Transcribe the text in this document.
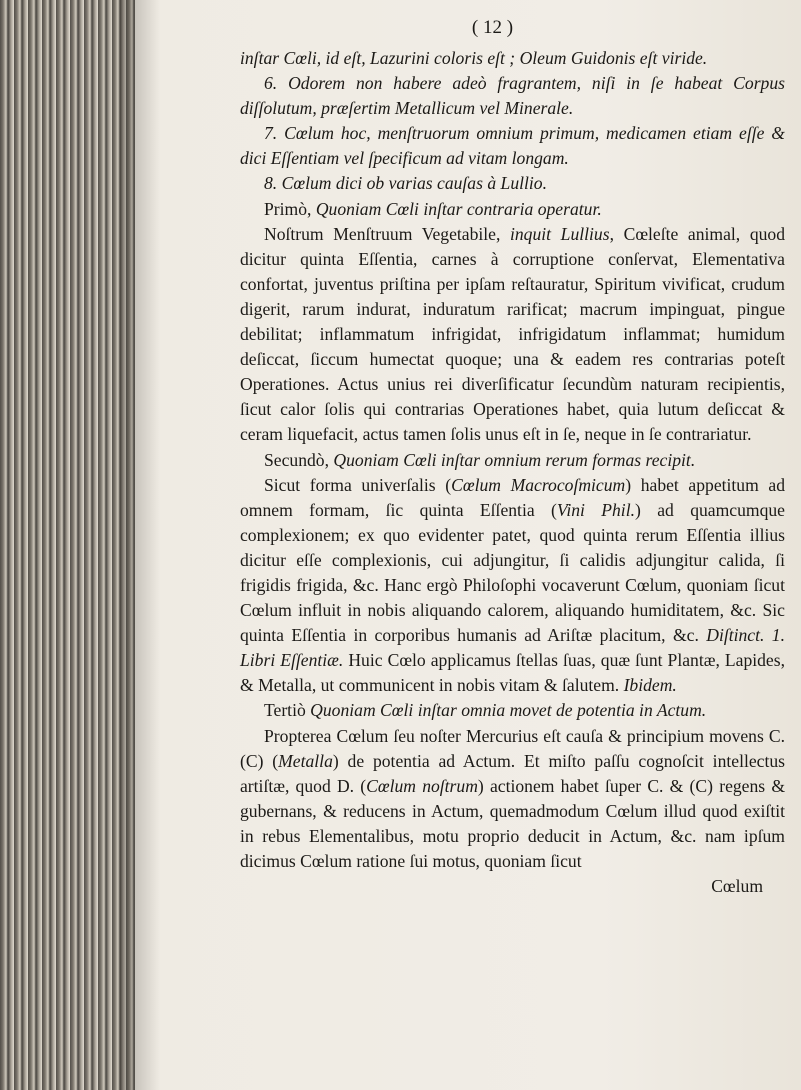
( 12 )

inſtar Cœli, id eſt, Lazurini coloris eſt ; Oleum Guidonis eſt viride.

6. Odorem non habere adeò fragrantem, niſi in ſe habeat Corpus diſſolutum, præſertim Metallicum vel Minerale.

7. Cœlum hoc, menſtruorum omnium primum, medicamen etiam eſſe & dici Eſſentiam vel ſpecificum ad vitam longam.

8. Cœlum dici ob varias cauſas à Lullio.

Primò, Quoniam Cœli inſtar contraria operatur.

Noſtrum Menſtruum Vegetabile, inquit Lullius, Cœleſte animal, quod dicitur quinta Eſſentia, carnes à corruptione conſervat, Elementativa confortat, juventus priſtina per ipſam reſtauratur, Spiritum vivificat, crudum digerit, rarum indurat, induratum rarificat; macrum impinguat, pingue debilitat; inflammatum infrigidat, infrigidatum inflammat; humidum deſiccat, ſiccum humectat quoque; una & eadem res contrarias poteſt Operationes. Actus unius rei diverſificatur ſecundùm naturam recipientis, ſicut calor ſolis qui contrarias Operationes habet, quia lutum deſiccat & ceram liquefacit, actus tamen ſolis unus eſt in ſe, neque in ſe contrariatur.

Secundò, Quoniam Cœli inſtar omnium rerum formas recipit.

Sicut forma univerſalis (Cœlum Macrocoſmicum) habet appetitum ad omnem formam, ſic quinta Eſſentia (Vini Phil.) ad quamcumque complexionem; ex quo evidenter patet, quod quinta rerum Eſſentia illius dicitur eſſe complexionis, cui adjungitur, ſi calidis adjungitur calida, ſi frigidis frigida, &c. Hanc ergò Philoſophi vocaverunt Cœlum, quoniam ſicut Cœlum influit in nobis aliquando calorem, aliquando humiditatem, &c. Sic quinta Eſſentia in corporibus humanis ad Ariſtæ placitum, &c. Diſtinct. 1. Libri Eſſentiæ. Huic Cœlo applicamus ſtellas ſuas, quæ ſunt Plantæ, Lapides, & Metalla, ut communicent in nobis vitam & ſalutem. Ibidem.

Tertiò Quoniam Cœli inſtar omnia movet de potentia in Actum.

Propterea Cœlum ſeu noſter Mercurius eſt cauſa & principium movens C. (C) (Metalla) de potentia ad Actum. Et miſto paſſu cognoſcit intellectus artiſtæ, quod D. (Cœlum noſtrum) actionem habet ſuper C. & (C) regens & gubernans, & reducens in Actum, quemadmodum Cœlum illud quod exiſtit in rebus Elementalibus, motu proprio deducit in Actum, &c. nam ipſum dicimus Cœlum ratione ſui motus, quoniam ſicut

Cœlum
